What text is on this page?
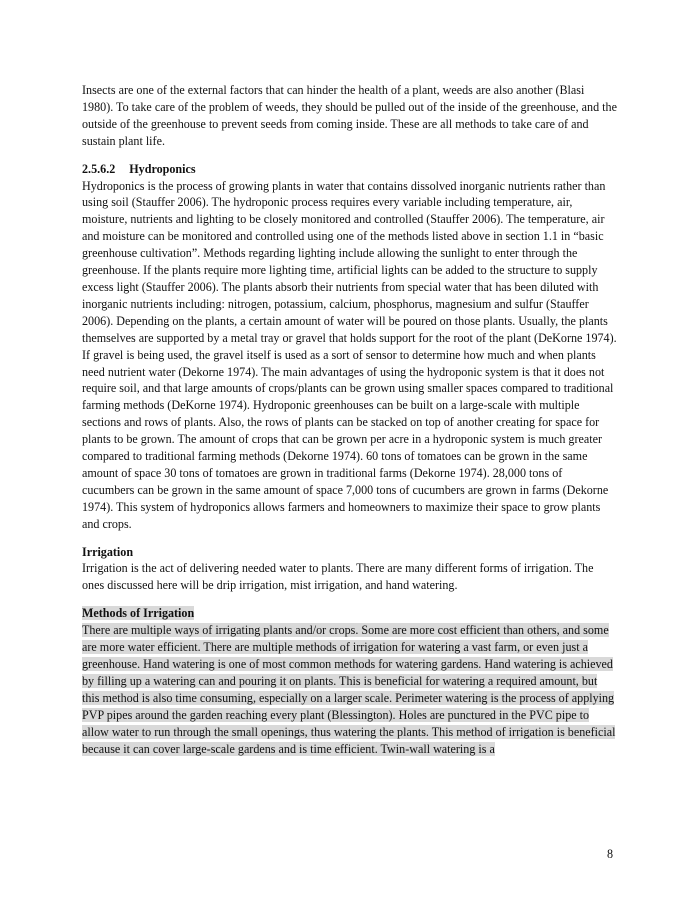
Insects are one of the external factors that can hinder the health of a plant, weeds are also another (Blasi 1980). To take care of the problem of weeds, they should be pulled out of the inside of the greenhouse, and the outside of the greenhouse to prevent seeds from coming inside. These are all methods to take care of and sustain plant life.

2.5.6.2 Hydroponics

Hydroponics is the process of growing plants in water that contains dissolved inorganic nutrients rather than using soil (Stauffer 2006). The hydroponic process requires every variable including temperature, air, moisture, nutrients and lighting to be closely monitored and controlled (Stauffer 2006). The temperature, air and moisture can be monitored and controlled using one of the methods listed above in section 1.1 in “basic greenhouse cultivation”. Methods regarding lighting include allowing the sunlight to enter through the greenhouse. If the plants require more lighting time, artificial lights can be added to the structure to supply excess light (Stauffer 2006). The plants absorb their nutrients from special water that has been diluted with inorganic nutrients including: nitrogen, potassium, calcium, phosphorus, magnesium and sulfur (Stauffer 2006). Depending on the plants, a certain amount of water will be poured on those plants. Usually, the plants themselves are supported by a metal tray or gravel that holds support for the root of the plant (DeKorne 1974). If gravel is being used, the gravel itself is used as a sort of sensor to determine how much and when plants need nutrient water (Dekorne 1974). The main advantages of using the hydroponic system is that it does not require soil, and that large amounts of crops/plants can be grown using smaller spaces compared to traditional farming methods (DeKorne 1974). Hydroponic greenhouses can be built on a large-scale with multiple sections and rows of plants. Also, the rows of plants can be stacked on top of another creating for space for plants to be grown. The amount of crops that can be grown per acre in a hydroponic system is much greater compared to traditional farming methods (Dekorne 1974). 60 tons of tomatoes can be grown in the same amount of space 30 tons of tomatoes are grown in traditional farms (Dekorne 1974). 28,000 tons of cucumbers can be grown in the same amount of space 7,000 tons of cucumbers are grown in farms (Dekorne 1974). This system of hydroponics allows farmers and homeowners to maximize their space to grow plants and crops.

Irrigation

Irrigation is the act of delivering needed water to plants. There are many different forms of irrigation. The ones discussed here will be drip irrigation, mist irrigation, and hand watering.

Methods of Irrigation

There are multiple ways of irrigating plants and/or crops. Some are more cost efficient than others, and some are more water efficient. There are multiple methods of irrigation for watering a vast farm, or even just a greenhouse. Hand watering is one of most common methods for watering gardens. Hand watering is achieved by filling up a watering can and pouring it on plants. This is beneficial for watering a required amount, but this method is also time consuming, especially on a larger scale. Perimeter watering is the process of applying PVP pipes around the garden reaching every plant (Blessington). Holes are punctured in the PVC pipe to allow water to run through the small openings, thus watering the plants. This method of irrigation is beneficial because it can cover large-scale gardens and is time efficient. Twin-wall watering is a

8
